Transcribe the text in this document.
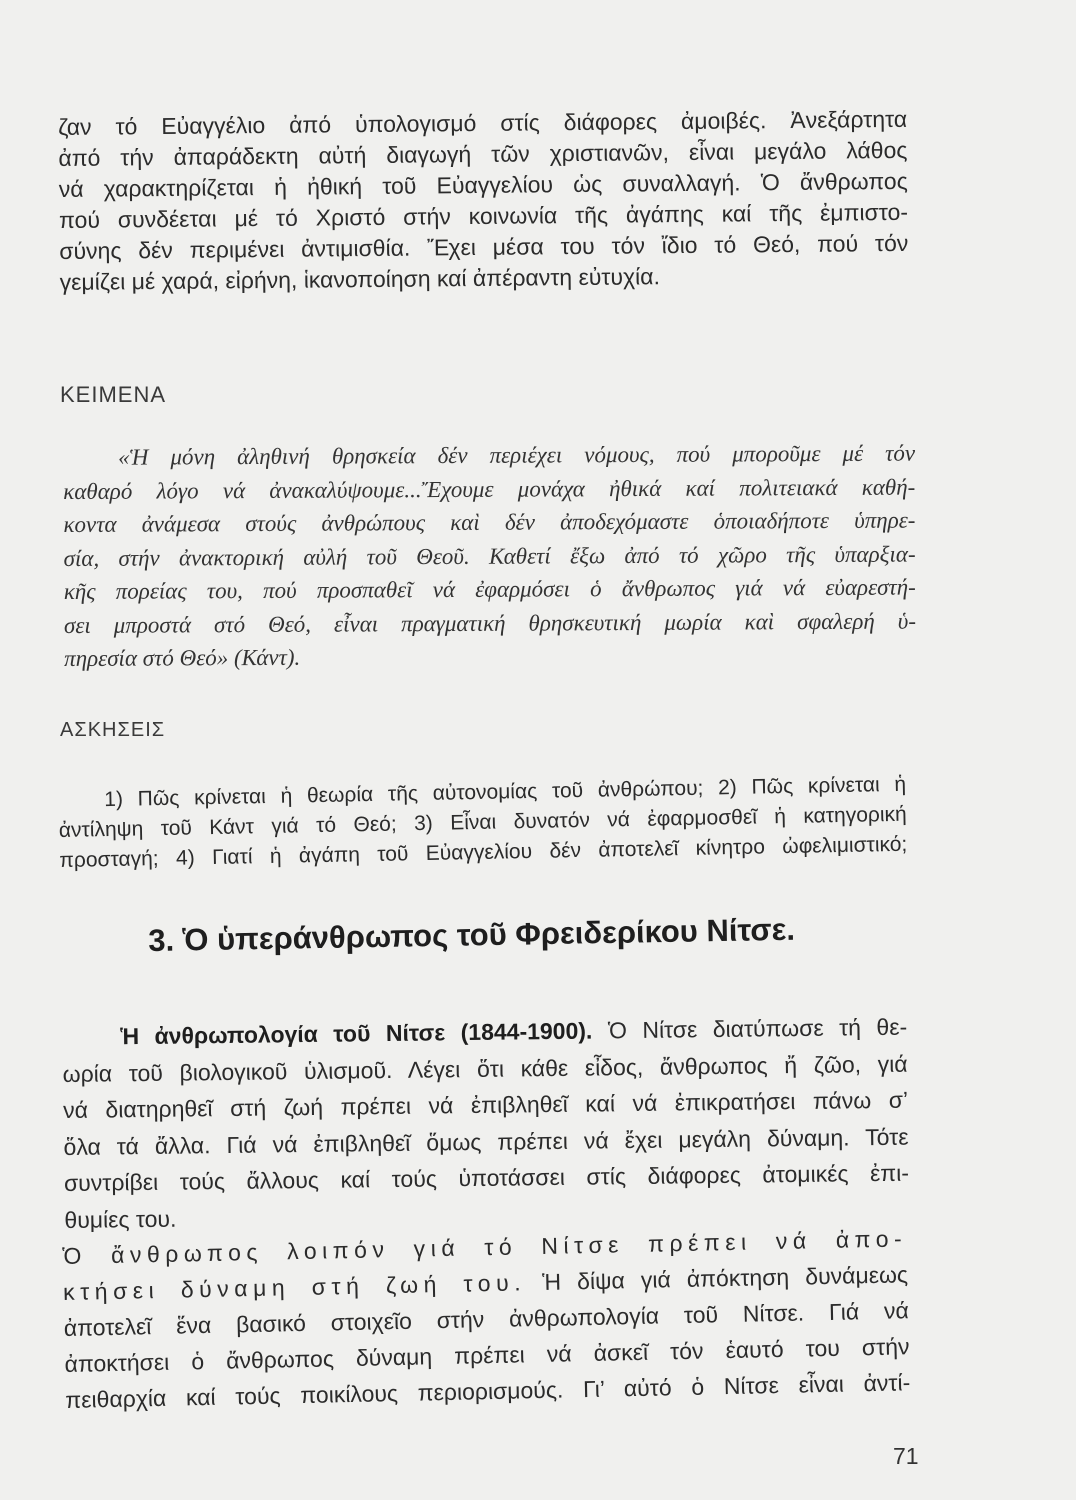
ζαν τό Εὐαγγέλιο ἀπό ὑπολογισμό στίς διάφορες ἀμοιβές. Ἀνεξάρτητα
ἀπό τήν ἀπαράδεκτη αὐτή διαγωγή τῶν χριστιανῶν, εἶναι μεγάλο λάθος
νά χαρακτηρίζεται ἡ ἠθική τοῦ Εὐαγγελίου ὡς συναλλαγή. Ὁ ἄνθρωπος
πού συνδέεται μέ τό Χριστό στήν κοινωνία τῆς ἀγάπης καί τῆς ἐμπιστο-
σύνης δέν περιμένει ἀντιμισθία. Ἔχει μέσα του τόν ἴδιο τό Θεό, πού τόν
γεμίζει μέ χαρά, εἰρήνη, ἱκανοποίηση καί ἀπέραντη εὐτυχία.
ΚΕΙΜΕΝΑ
«Ἡ μόνη ἀληθινή θρησκεία δέν περιέχει νόμους, πού μποροῦμε μέ τόν
καθαρό λόγο νά ἀνακαλύψουμε...Ἔχουμε μονάχα ἠθικά καί πολιτειακά καθή-
κοντα ἀνάμεσα στούς ἀνθρώπους καὶ δέν ἀποδεχόμαστε ὁποιαδήποτε ὑπηρε-
σία, στήν ἀνακτορική αὐλή τοῦ Θεοῦ. Καθετί ἔξω ἀπό τό χῶρο τῆς ὑπαρξια-
κῆς πορείας του, πού προσπαθεῖ νά ἐφαρμόσει ὁ ἄνθρωπος γιά νά εὐαρεστή-
σει μπροστά στό Θεό, εἶναι πραγματική θρησκευτική μωρία καὶ σφαλερή ὑ-
πηρεσία στό Θεό» (Κάντ).
ΑΣΚΗΣΕΙΣ
1) Πῶς κρίνεται ἡ θεωρία τῆς αὐτονομίας τοῦ ἀνθρώπου; 2) Πῶς κρίνεται ἡ
ἀντίληψη τοῦ Κάντ γιά τό Θεό; 3) Εἶναι δυνατόν νά ἐφαρμοσθεῖ ἡ κατηγορική
προσταγή; 4) Γιατί ἡ ἀγάπη τοῦ Εὐαγγελίου δέν ἀποτελεῖ κίνητρο ὠφελιμιστικό;
3. Ὁ ὑπεράνθρωπος τοῦ Φρειδερίκου Νίτσε.
Ἡ ἀνθρωπολογία τοῦ Νίτσε (1844-1900). Ὁ Νίτσε διατύπωσε τή θε-
ωρία τοῦ βιολογικοῦ ὑλισμοῦ. Λέγει ὅτι κάθε εἶδος, ἄνθρωπος ἤ ζῶο, γιά
νά διατηρηθεῖ στή ζωή πρέπει νά ἐπιβληθεῖ καί νά ἐπικρατήσει πάνω σ’
ὅλα τά ἄλλα. Γιά νά ἐπιβληθεῖ ὅμως πρέπει νά ἔχει μεγάλη δύναμη. Τότε
συντρίβει τούς ἄλλους καί τούς ὑποτάσσει στίς διάφορες ἀτομικές ἐπι-
θυμίες του.
Ὁ ἄνθρωπος λοιπόν γιά τό Νίτσε πρέπει νά ἀπο-
κτήσει δύναμη στή ζωή του. Ἡ δίψα γιά ἀπόκτηση δυνάμεως
ἀποτελεῖ ἕνα βασικό στοιχεῖο στήν ἀνθρωπολογία τοῦ Νίτσε. Γιά νά
ἀποκτήσει ὁ ἄνθρωπος δύναμη πρέπει νά ἀσκεῖ τόν ἑαυτό του στήν
πειθαρχία καί τούς ποικίλους περιορισμούς. Γι’ αὐτό ὁ Νίτσε εἶναι ἀντί-
71
